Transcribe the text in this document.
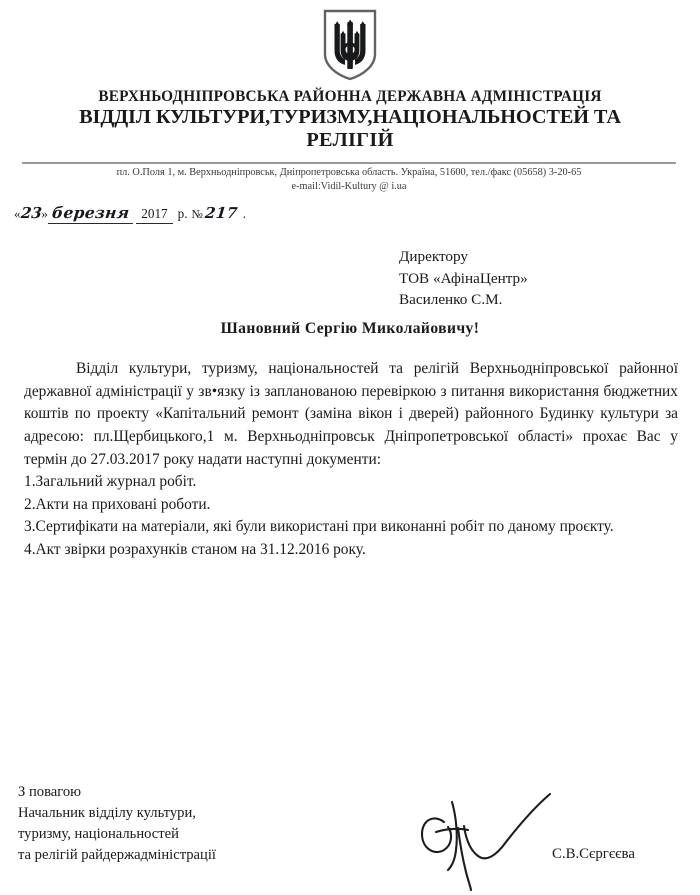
ВЕРХНЬОДНІПРОВСЬКА РАЙОННА ДЕРЖАВНА АДМІНІСТРАЦІЯ
ВІДДІЛ КУЛЬТУРИ,ТУРИЗМУ,НАЦІОНАЛЬНОСТЕЙ ТА
РЕЛІГІЙ
пл. О.Поля 1, м. Верхньодніпровськ, Дніпропетровська область. Україна, 51600, тел./факс (05658) 3-20-65
e-mail:Vidil-Kultury @ i.ua
« 23 » березня 2017 р. № 217 .
Директору
ТОВ «АфінаЦентр»
Василенко С.М.
Шановний Сергію Миколайовичу!

Відділ культури, туризму, національностей та релігій Верхньодніпровської районної державної адміністрації у зв•язку із запланованою перевіркою з питання використання бюджетних коштів по проекту «Капітальний ремонт (заміна вікон і дверей) районного Будинку культури за адресою: пл.Щербицького,1 м. Верхньодніпровськ Дніпропетровської області» прохає Вас у термін до 27.03.2017 року надати наступні документи:

1.Загальний журнал робіт.
2.Акти на приховані роботи.
3.Сертифікати на матеріали, які були використані при виконанні робіт по даному проєкту.
4.Акт звірки розрахунків станом на 31.12.2016 року.
З повагою
Начальник відділу культури,
туризму, національностей
та релігій райдержадміністрації	С.В.Сєргєєва
